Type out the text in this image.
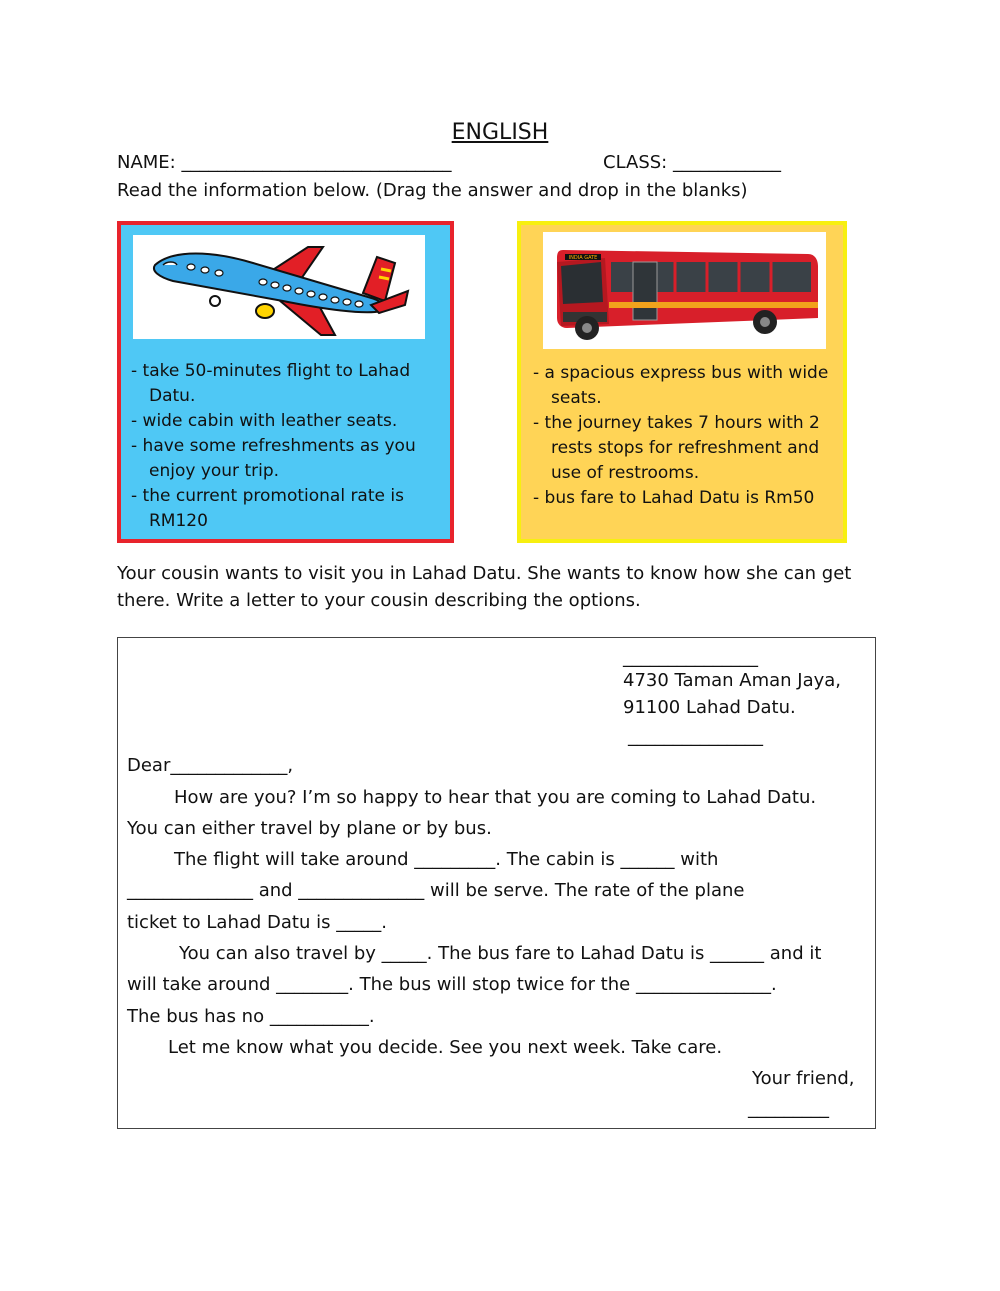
ENGLISH
NAME: ______________________________	CLASS: ____________
Read the information below. (Drag the answer and drop in the blanks)
- take 50-minutes flight to Lahad Datu.
- wide cabin with leather seats.
- have some refreshments as you enjoy your trip.
- the current promotional rate is RM120
INDIA GATE
- a spacious express bus with wide seats.
- the journey takes 7 hours with 2 rests stops for refreshment and use of restrooms.
- bus fare to Lahad Datu is Rm50
Your cousin wants to visit you in Lahad Datu. She wants to know how she can get
there. Write a letter to your cousin describing the options.
_______________
4730 Taman Aman Jaya,
91100 Lahad Datu.
_______________
Dear_____________,
How are you? I’m so happy to hear that you are coming to Lahad Datu.
You can either travel by plane or by bus.
The flight will take around _________. The cabin is ______ with
______________ and ______________ will be serve. The rate of the plane
ticket to Lahad Datu is _____.
You can also travel by _____. The bus fare to Lahad Datu is ______ and it
will take around ________. The bus will stop twice for the _______________.
The bus has no ___________.
Let me know what you decide. See you next week. Take care.
Your friend,
_________
